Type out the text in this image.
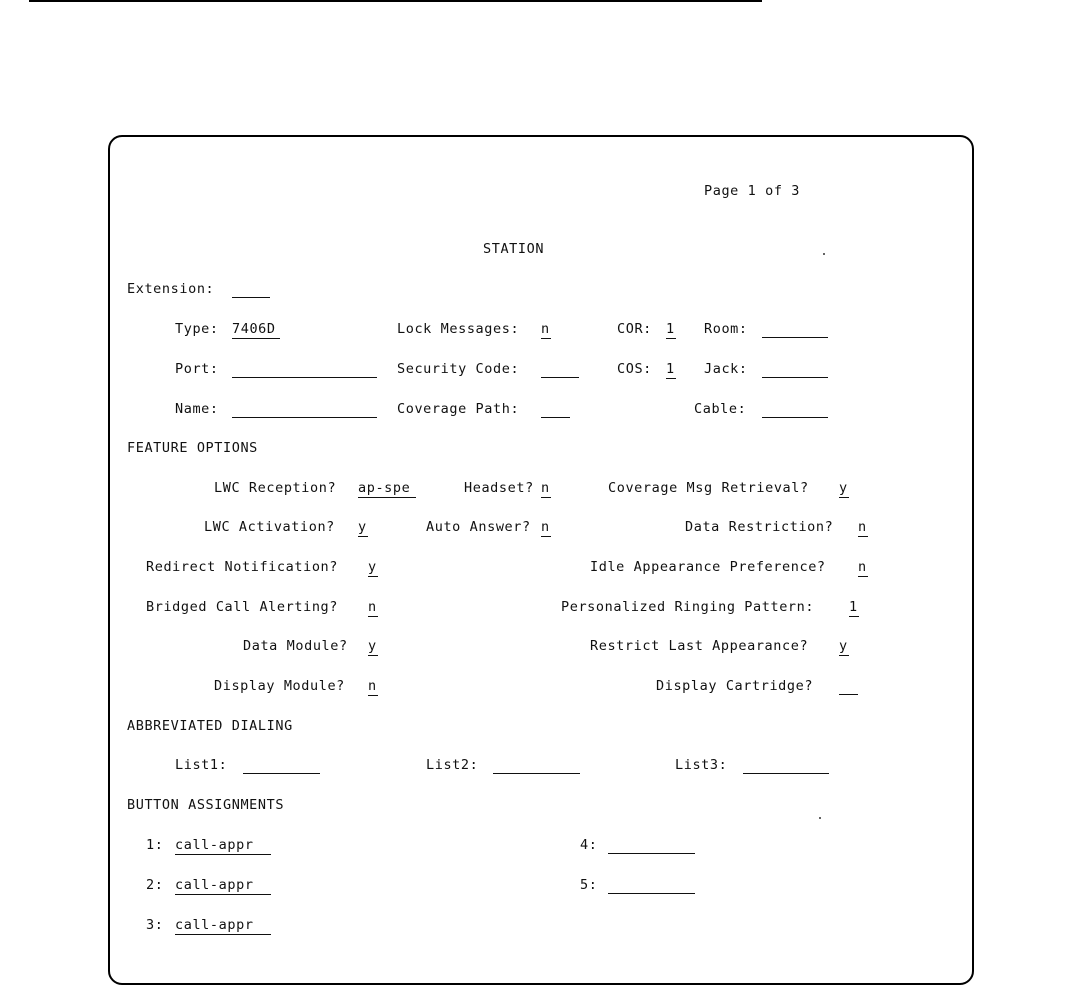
Page 1 of 3
STATION
Extension:
Type: 7406D	Lock Messages: n	COR: 1 Room:
Port:	Security Code:	COS: 1 Jack:
Name:	Coverage Path:	Cable:
FEATURE OPTIONS
LWC Reception? ap-spe	Headset? n	Coverage Msg Retrieval? y
LWC Activation? y	Auto Answer? n	Data Restriction? n
Redirect Notification? y	Idle Appearance Preference? n
Bridged Call Alerting? n	Personalized Ringing Pattern:	1
Data Module? y	Restrict Last Appearance? y
Display Module? n	Display Cartridge?
ABBREVIATED DIALING
List1:	List2:	List3:
BUTTON ASSIGNMENTS
1: call-appr
2: call-appr
3: call-appr
4:
5:
